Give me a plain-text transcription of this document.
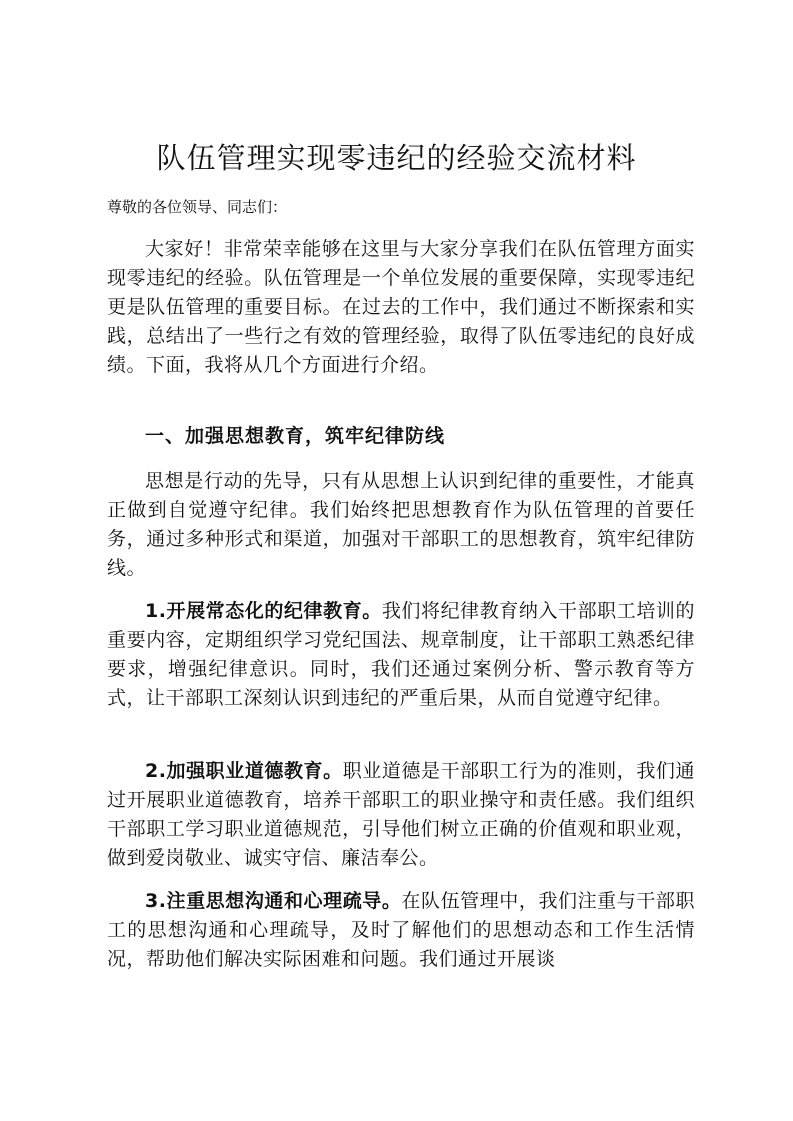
队伍管理实现零违纪的经验交流材料

尊敬的各位领导、同志们：

大家好！非常荣幸能够在这里与大家分享我们在队伍管理方面实现零违纪的经验。队伍管理是一个单位发展的重要保障，实现零违纪更是队伍管理的重要目标。在过去的工作中，我们通过不断探索和实践，总结出了一些行之有效的管理经验，取得了队伍零违纪的良好成绩。下面，我将从几个方面进行介绍。

一、加强思想教育，筑牢纪律防线

思想是行动的先导，只有从思想上认识到纪律的重要性，才能真正做到自觉遵守纪律。我们始终把思想教育作为队伍管理的首要任务，通过多种形式和渠道，加强对干部职工的思想教育，筑牢纪律防线。

1.开展常态化的纪律教育。我们将纪律教育纳入干部职工培训的重要内容，定期组织学习党纪国法、规章制度，让干部职工熟悉纪律要求，增强纪律意识。同时，我们还通过案例分析、警示教育等方式，让干部职工深刻认识到违纪的严重后果，从而自觉遵守纪律。

2.加强职业道德教育。职业道德是干部职工行为的准则，我们通过开展职业道德教育，培养干部职工的职业操守和责任感。我们组织干部职工学习职业道德规范，引导他们树立正确的价值观和职业观，做到爱岗敬业、诚实守信、廉洁奉公。

3.注重思想沟通和心理疏导。在队伍管理中，我们注重与干部职工的思想沟通和心理疏导，及时了解他们的思想动态和工作生活情况，帮助他们解决实际困难和问题。我们通过开展谈
